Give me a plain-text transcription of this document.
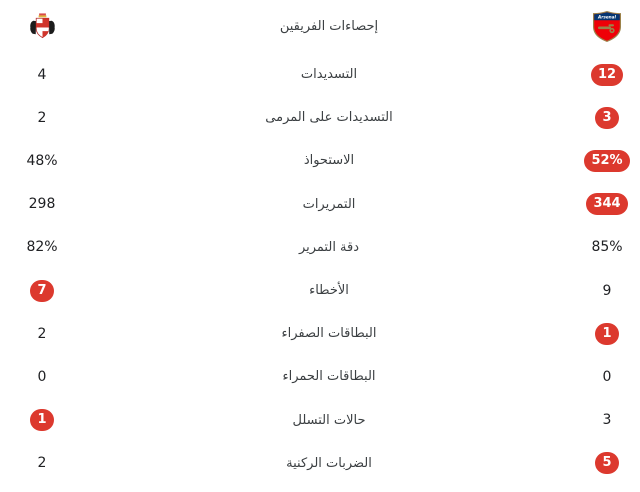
Arsenal
إحصاءات الفريقين
12
التسديدات
4
3
التسديدات على المرمى
2
52%
الاستحواذ
48%
344
التمريرات
298
85%
دقة التمرير
82%
9
الأخطاء
7
1
البطاقات الصفراء
2
0
البطاقات الحمراء
0
3
حالات التسلل
1
5
الضربات الركنية
2
